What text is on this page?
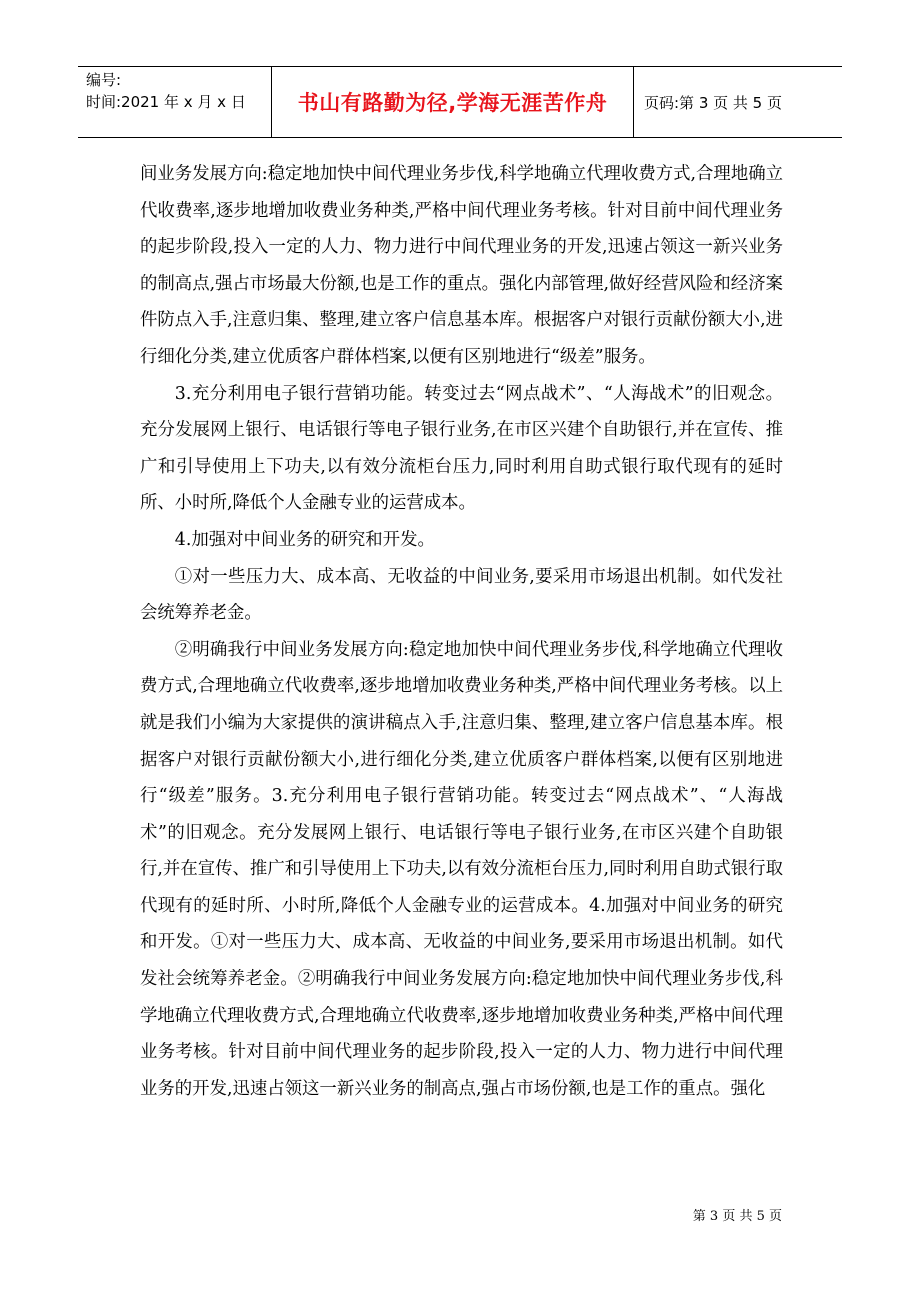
编号:
时间:2021 年 x 月 x 日	书山有路勤为径,学海无涯苦作舟	页码:第 3 页 共 5 页

间业务发展方向:稳定地加快中间代理业务步伐,科学地确立代理收费方式,合理地确立代收费率,逐步地增加收费业务种类,严格中间代理业务考核。针对目前中间代理业务的起步阶段,投入一定的人力、物力进行中间代理业务的开发,迅速占领这一新兴业务的制高点,强占市场最大份额,也是工作的重点。强化内部管理,做好经营风险和经济案件防点入手,注意归集、整理,建立客户信息基本库。根据客户对银行贡献份额大小,进行细化分类,建立优质客户群体档案,以便有区别地进行“级差”服务。

3.充分利用电子银行营销功能。转变过去“网点战术”、“人海战术”的旧观念。充分发展网上银行、电话银行等电子银行业务,在市区兴建个自助银行,并在宣传、推广和引导使用上下功夫,以有效分流柜台压力,同时利用自助式银行取代现有的延时所、小时所,降低个人金融专业的运营成本。

4.加强对中间业务的研究和开发。

①对一些压力大、成本高、无收益的中间业务,要采用市场退出机制。如代发社会统筹养老金。

②明确我行中间业务发展方向:稳定地加快中间代理业务步伐,科学地确立代理收费方式,合理地确立代收费率,逐步地增加收费业务种类,严格中间代理业务考核。以上就是我们小编为大家提供的演讲稿点入手,注意归集、整理,建立客户信息基本库。根据客户对银行贡献份额大小,进行细化分类,建立优质客户群体档案,以便有区别地进行“级差”服务。3.充分利用电子银行营销功能。转变过去“网点战术”、“人海战术”的旧观念。充分发展网上银行、电话银行等电子银行业务,在市区兴建个自助银行,并在宣传、推广和引导使用上下功夫,以有效分流柜台压力,同时利用自助式银行取代现有的延时所、小时所,降低个人金融专业的运营成本。4.加强对中间业务的研究和开发。①对一些压力大、成本高、无收益的中间业务,要采用市场退出机制。如代发社会统筹养老金。②明确我行中间业务发展方向:稳定地加快中间代理业务步伐,科学地确立代理收费方式,合理地确立代收费率,逐步地增加收费业务种类,严格中间代理业务考核。针对目前中间代理业务的起步阶段,投入一定的人力、物力进行中间代理业务的开发,迅速占领这一新兴业务的制高点,强占市场份额,也是工作的重点。强化

第 3 页 共 5 页
